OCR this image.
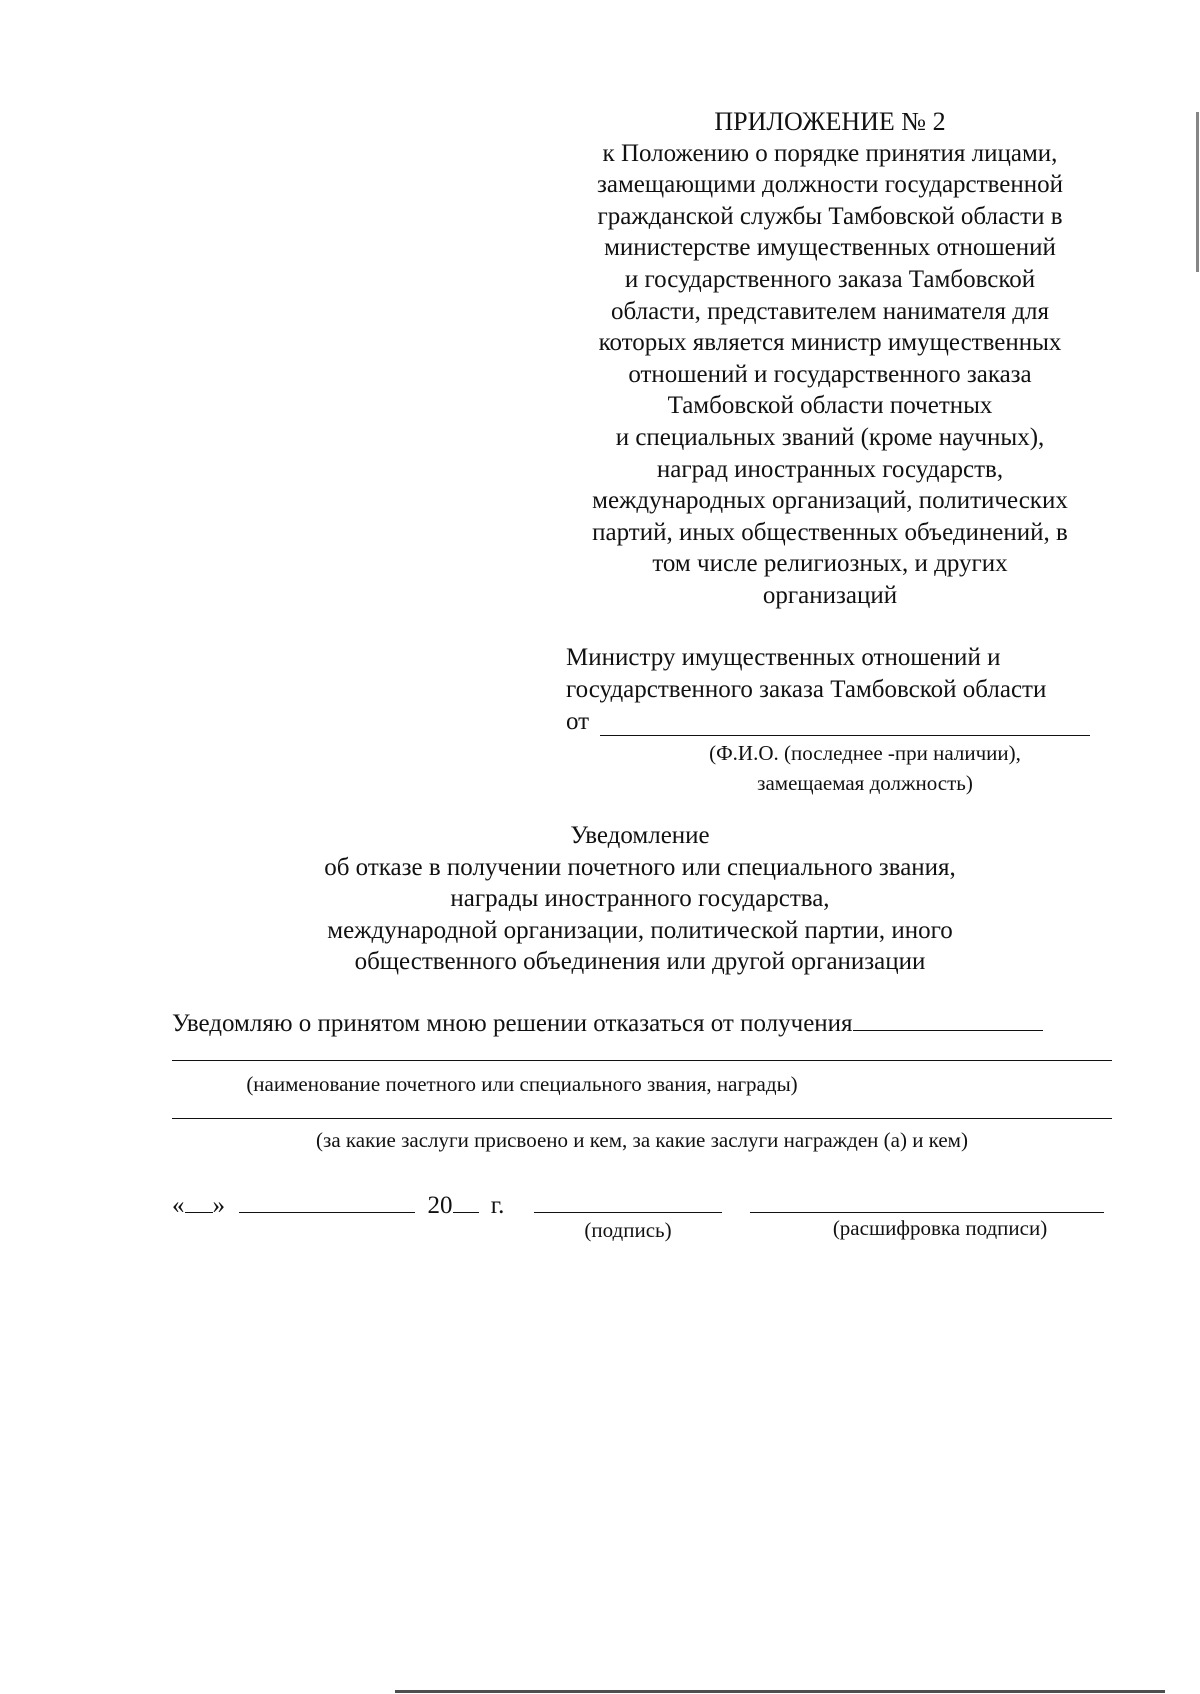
ПРИЛОЖЕНИЕ № 2
к Положению о порядке принятия лицами,
замещающими должности государственной
гражданской службы Тамбовской области в
министерстве имущественных отношений
и государственного заказа Тамбовской
области, представителем нанимателя для
которых является министр имущественных
отношений и государственного заказа
Тамбовской области почетных
и специальных званий (кроме научных),
наград иностранных государств,
международных организаций, политических
партий, иных общественных объединений, в
том числе религиозных, и других
организаций
Министру имущественных отношений и
государственного заказа Тамбовской области
от
(Ф.И.О. (последнее -при наличии),
замещаемая должность)
Уведомление
об отказе в получении почетного или специального звания,
награды иностранного государства,
международной организации, политической партии, иного
общественного объединения или другой организации
Уведомляю о принятом мною решении отказаться от получения
(наименование почетного или специального звания, награды)
(за какие заслуги присвоено и кем, за какие заслуги награжден (а) и кем)
« »	20 г.
(подпись)	(расшифровка подписи)
